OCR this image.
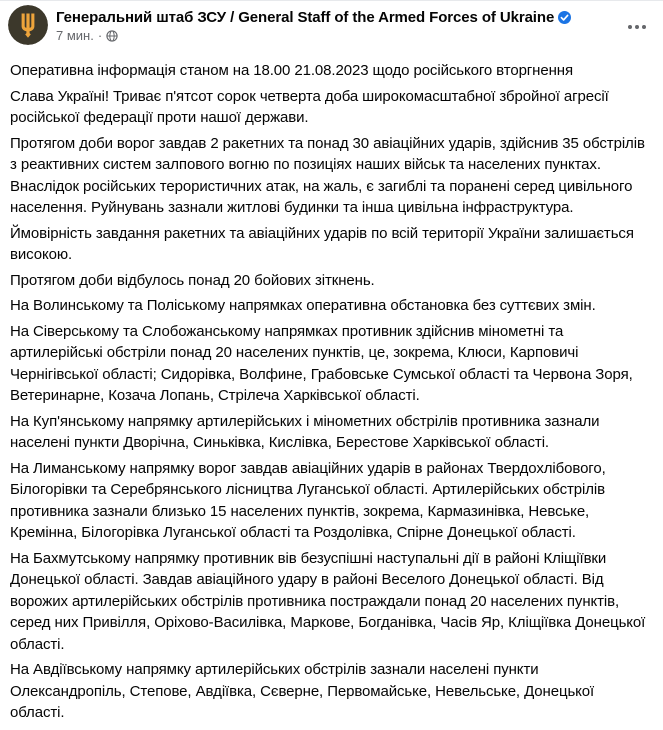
Генеральний штаб ЗСУ / General Staff of the Armed Forces of Ukraine
7 мин. ·

Оперативна інформація станом на 18.00 21.08.2023 щодо російського вторгнення

Слава Україні! Триває п'ятсот сорок четверта доба широкомасштабної збройної агресії російської федерації проти нашої держави.

Протягом доби ворог завдав 2 ракетних та понад 30 авіаційних ударів, здійснив 35 обстрілів з реактивних систем залпового вогню по позиціях наших військ та населених пунктах. Внаслідок російських терористичних атак, на жаль, є загиблі та поранені серед цивільного населення. Руйнувань зазнали житлові будинки та інша цивільна інфраструктура.

Ймовірність завдання ракетних та авіаційних ударів по всій території України залишається високою.

Протягом доби відбулось понад 20 бойових зіткнень.

На Волинському та Поліському напрямках оперативна обстановка без суттєвих змін.

На Сіверському та Слобожанському напрямках противник здійснив мінометні та артилерійські обстріли понад 20 населених пунктів, це, зокрема, Клюси, Карповичі Чернігівської області; Сидорівка, Волфине, Грабовське Сумської області та Червона Зоря, Ветеринарне, Козача Лопань, Стрілеча Харківської області.

На Куп'янському напрямку артилерійських і мінометних обстрілів противника зазнали населені пункти Дворічна, Синьківка, Кислівка, Берестове Харківської області.

На Лиманському напрямку ворог завдав авіаційних ударів в районах Твердохлібового, Білогорівки та Серебрянського лісництва Луганської області. Артилерійських обстрілів противника зазнали близько 15 населених пунктів, зокрема, Кармазинівка, Невське, Кремінна, Білогорівка Луганської області та Роздолівка, Спірне Донецької області.

На Бахмутському напрямку противник вів безуспішні наступальні дії в районі Кліщіївки Донецької області. Завдав авіаційного удару в районі Веселого Донецької області. Від ворожих артилерійських обстрілів противника постраждали понад 20 населених пунктів, серед них Привілля, Оріхово-Василівка, Маркове, Богданівка, Часів Яр, Кліщіївка Донецької області.

На Авдіївському напрямку артилерійських обстрілів зазнали населені пункти Олександропіль, Степове, Авдіївка, Сєверне, Первомайське, Невельське, Донецької області.
